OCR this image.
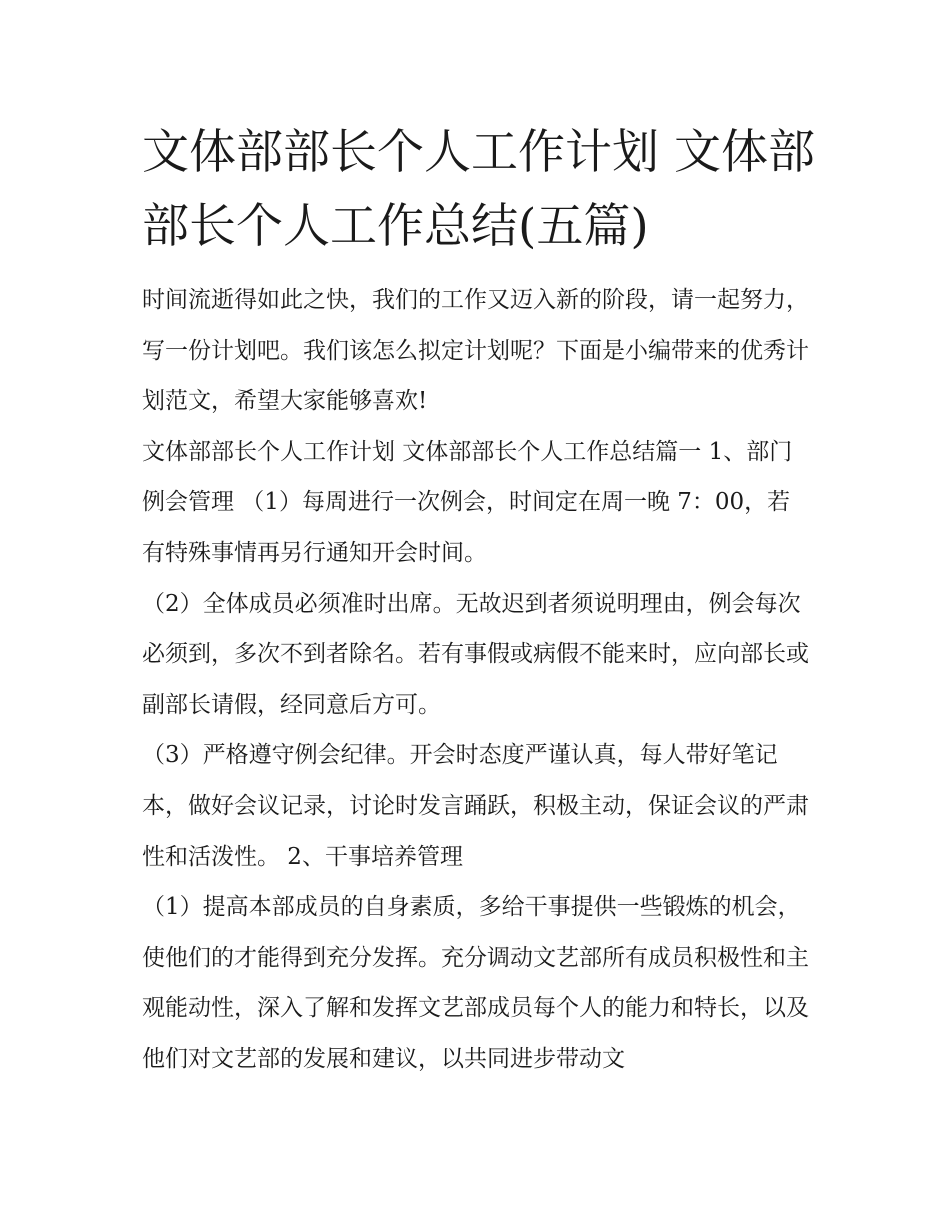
文体部部长个人工作计划 文体部部长个人工作总结(五篇)

时间流逝得如此之快，我们的工作又迈入新的阶段，请一起努力，写一份计划吧。我们该怎么拟定计划呢？下面是小编带来的优秀计划范文，希望大家能够喜欢!

文体部部长个人工作计划 文体部部长个人工作总结篇一 1、部门例会管理 （1）每周进行一次例会，时间定在周一晚 7：00，若有特殊事情再另行通知开会时间。

（2）全体成员必须准时出席。无故迟到者须说明理由，例会每次必须到，多次不到者除名。若有事假或病假不能来时，应向部长或副部长请假，经同意后方可。

（3）严格遵守例会纪律。开会时态度严谨认真，每人带好笔记本，做好会议记录，讨论时发言踊跃，积极主动，保证会议的严肃性和活泼性。 2、干事培养管理

（1）提高本部成员的自身素质，多给干事提供一些锻炼的机会，使他们的才能得到充分发挥。充分调动文艺部所有成员积极性和主观能动性，深入了解和发挥文艺部成员每个人的能力和特长，以及他们对文艺部的发展和建议，以共同进步带动文
